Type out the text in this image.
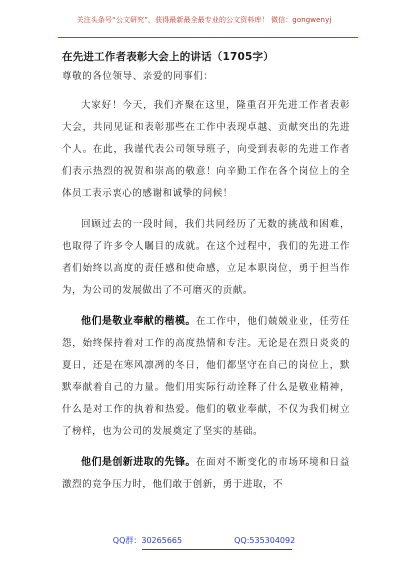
关注头条号“公文研究”，获得最新最全最专业的公文资料库！ 微信：gongwenyj
在先进工作者表彰大会上的讲话（1705字）

尊敬的各位领导、亲爱的同事们：

大家好！今天，我们齐聚在这里，隆重召开先进工作者表彰大会，共同见证和表彰那些在工作中表现卓越、贡献突出的先进个人。在此，我谨代表公司领导班子，向受到表彰的先进工作者们表示热烈的祝贺和崇高的敬意！向辛勤工作在各个岗位上的全体员工表示衷心的感谢和诚挚的问候！

回顾过去的一段时间，我们共同经历了无数的挑战和困难，也取得了许多令人瞩目的成就。在这个过程中，我们的先进工作者们始终以高度的责任感和使命感，立足本职岗位，勇于担当作为，为公司的发展做出了不可磨灭的贡献。

他们是敬业奉献的楷模。在工作中，他们兢兢业业，任劳任怨，始终保持着对工作的高度热情和专注。无论是在烈日炎炎的夏日，还是在寒风凛冽的冬日，他们都坚守在自己的岗位上，默默奉献着自己的力量。他们用实际行动诠释了什么是敬业精神，什么是对工作的执着和热爱。他们的敬业奉献，不仅为我们树立了榜样，也为公司的发展奠定了坚实的基础。

他们是创新进取的先锋。在面对不断变化的市场环境和日益激烈的竞争压力时，他们敢于创新，勇于进取，不

QQ群：30265665	QQ:535304092
